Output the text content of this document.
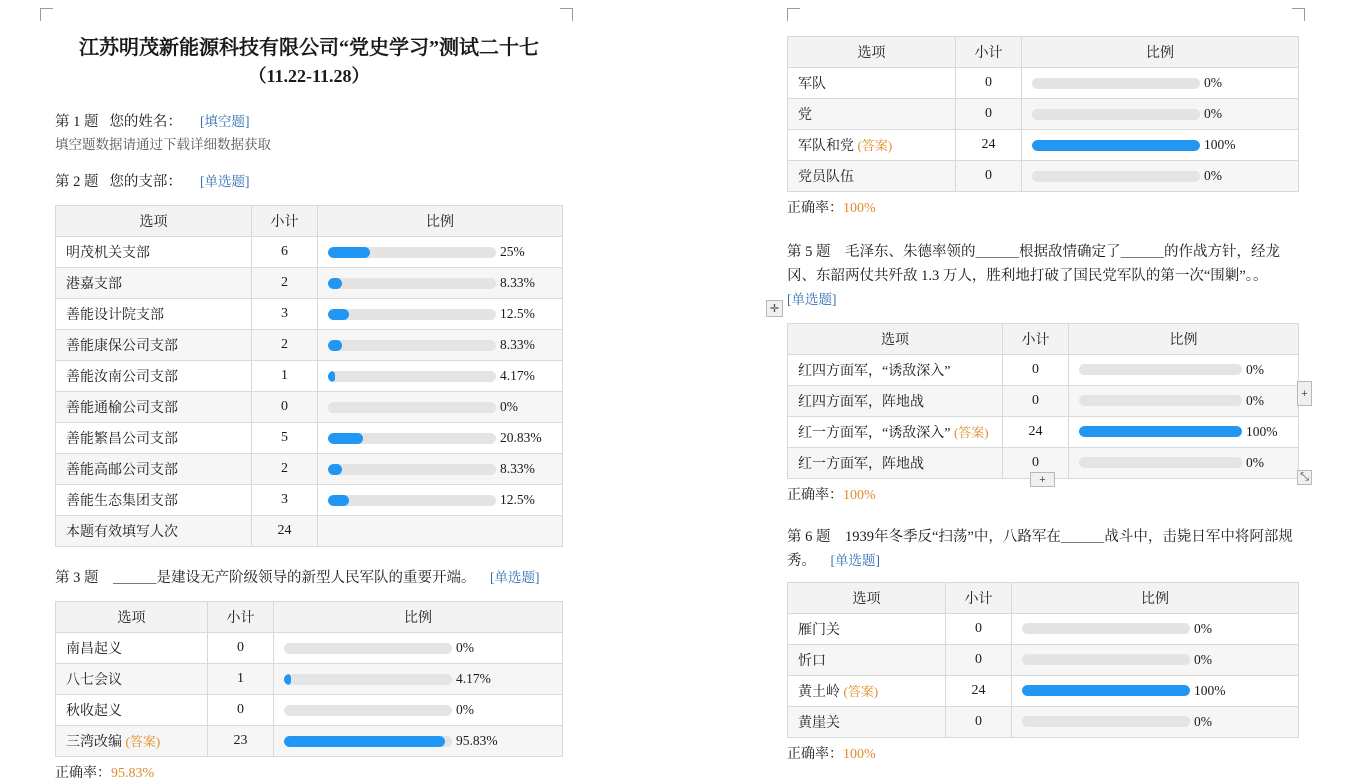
江苏明茂新能源科技有限公司“党史学习”测试二十七
（11.22-11.28）

第 1 题 您的姓名： [填空题]

填空题数据请通过下载详细数据获取

第 2 题 您的支部： [单选题]

选项	小计	比例
明茂机关支部	6	25%

港嘉支部	2	8.33%

善能设计院支部	3	12.5%

善能康保公司支部	2	8.33%

善能汝南公司支部	1	4.17%

善能通榆公司支部	0	0%

善能繁昌公司支部	5	20.83%

善能高邮公司支部	2	8.33%

善能生态集团支部	3	12.5%

本题有效填写人次	24	

第 3 题 ＿＿＿是建设无产阶级领导的新型人民军队的重要开端。 [单选题]

选项	小计	比例
南昌起义	0	0%

八七会议	1	4.17%

秋收起义	0	0%

三湾改编 (答案)	23	95.83%

正确率：95.83%

选项	小计	比例
军队	0	0%

党	0	0%

军队和党 (答案)	24	100%

党员队伍	0	0%

正确率：100%

第 5 题 毛泽东、朱德率领的＿＿＿根据敌情确定了＿＿＿的作战方针，经龙冈、东韶两仗共歼敌 1.3 万人，胜利地打破了国民党军队的第一次“围剿”。。
[单选题]

选项	小计	比例
红四方面军，“诱敌深入”	0	0%

红四方面军，阵地战	0	0%

红一方面军，“诱敌深入” (答案)	24	100%

红一方面军，阵地战	0	0%

正确率：100%

第 6 题 1939年冬季反“扫荡”中，八路军在＿＿＿战斗中，击毙日军中将阿部规秀。 [单选题]

选项	小计	比例
雁门关	0	0%

忻口	0	0%

黄土岭 (答案)	24	100%

黄崖关	0	0%

正确率：100%

✛
+
+	⤡
